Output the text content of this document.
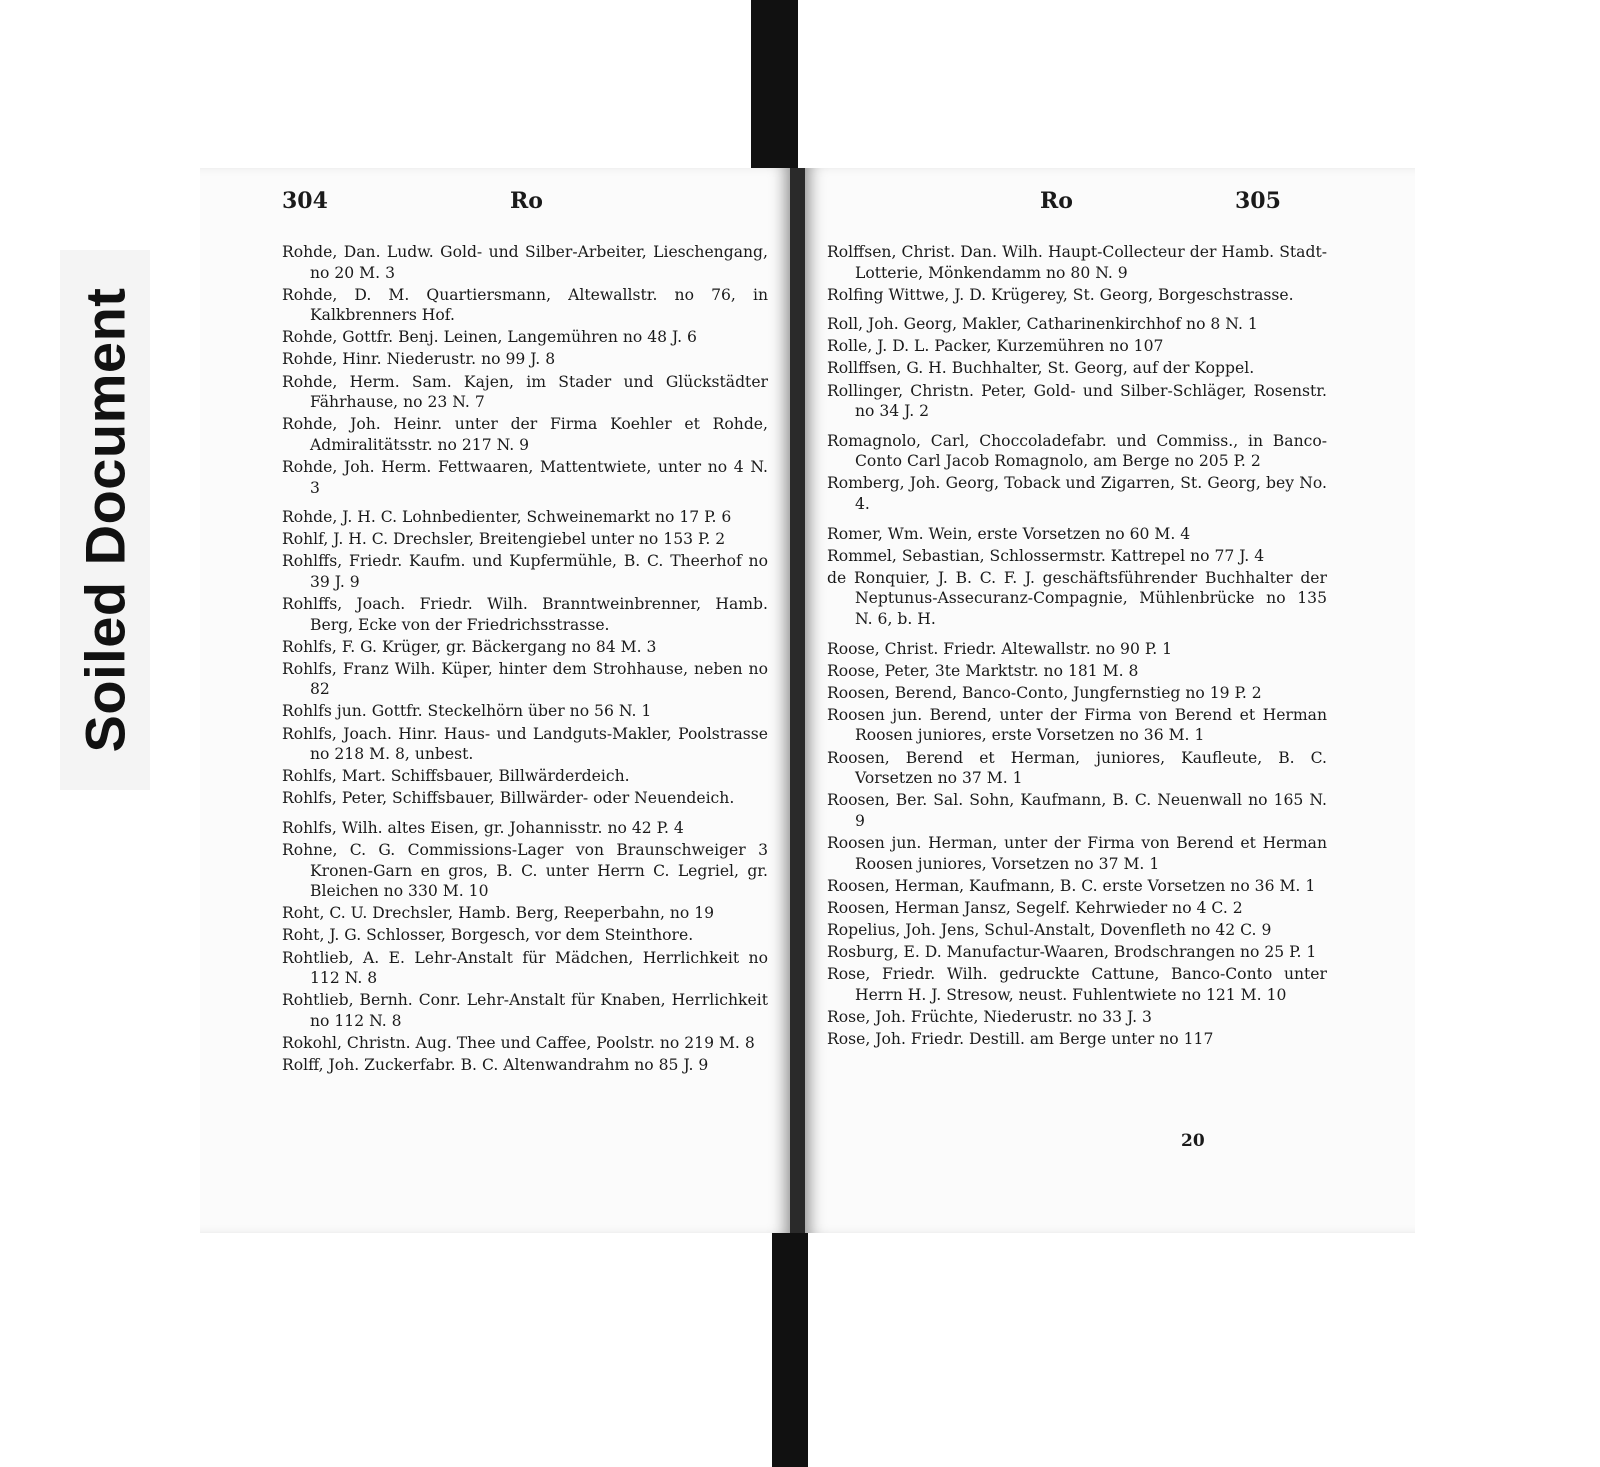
Soiled Document
304	Ro
Rohde, Dan. Ludw. Gold- und Silber-Arbeiter, Lieschengang, no 20 M. 3
Rohde, D. M. Quartiersmann, Altewallstr. no 76, in Kalkbrenners Hof.
Rohde, Gottfr. Benj. Leinen, Langemühren no 48 J. 6
Rohde, Hinr. Niederustr. no 99 J. 8
Rohde, Herm. Sam. Kajen, im Stader und Glückstädter Fährhause, no 23 N. 7
Rohde, Joh. Heinr. unter der Firma Koehler et Rohde, Admiralitätsstr. no 217 N. 9
Rohde, Joh. Herm. Fettwaaren, Mattentwiete, unter no 4 N. 3
Rohde, J. H. C. Lohnbedienter, Schweinemarkt no 17 P. 6
Rohlf, J. H. C. Drechsler, Breitengiebel unter no 153 P. 2
Rohlffs, Friedr. Kaufm. und Kupfermühle, B. C. Theerhof no 39 J. 9
Rohlffs, Joach. Friedr. Wilh. Branntweinbrenner, Hamb. Berg, Ecke von der Friedrichsstrasse.
Rohlfs, F. G. Krüger, gr. Bäckergang no 84 M. 3
Rohlfs, Franz Wilh. Küper, hinter dem Strohhause, neben no 82
Rohlfs jun. Gottfr. Steckelhörn über no 56 N. 1
Rohlfs, Joach. Hinr. Haus- und Landguts-Makler, Poolstrasse no 218 M. 8, unbest.
Rohlfs, Mart. Schiffsbauer, Billwärderdeich.
Rohlfs, Peter, Schiffsbauer, Billwärder- oder Neuendeich.
Rohlfs, Wilh. altes Eisen, gr. Johannisstr. no 42 P. 4
Rohne, C. G. Commissions-Lager von Braunschweiger 3 Kronen-Garn en gros, B. C. unter Herrn C. Legriel, gr. Bleichen no 330 M. 10
Roht, C. U. Drechsler, Hamb. Berg, Reeperbahn, no 19
Roht, J. G. Schlosser, Borgesch, vor dem Steinthore.
Rohtlieb, A. E. Lehr-Anstalt für Mädchen, Herrlichkeit no 112 N. 8
Rohtlieb, Bernh. Conr. Lehr-Anstalt für Knaben, Herrlichkeit no 112 N. 8
Rokohl, Christn. Aug. Thee und Caffee, Poolstr. no 219 M. 8
Rolff, Joh. Zuckerfabr. B. C. Altenwandrahm no 85 J. 9
Ro	305
Rolffsen, Christ. Dan. Wilh. Haupt-Collecteur der Hamb. Stadt-Lotterie, Mönkendamm no 80 N. 9
Rolfing Wittwe, J. D. Krügerey, St. Georg, Borgeschstrasse.
Roll, Joh. Georg, Makler, Catharinenkirchhof no 8 N. 1
Rolle, J. D. L. Packer, Kurzemühren no 107
Rollffsen, G. H. Buchhalter, St. Georg, auf der Koppel.
Rollinger, Christn. Peter, Gold- und Silber-Schläger, Rosenstr. no 34 J. 2
Romagnolo, Carl, Choccoladefabr. und Commiss., in Banco-Conto Carl Jacob Romagnolo, am Berge no 205 P. 2
Romberg, Joh. Georg, Toback und Zigarren, St. Georg, bey No. 4.
Romer, Wm. Wein, erste Vorsetzen no 60 M. 4
Rommel, Sebastian, Schlossermstr. Kattrepel no 77 J. 4
de Ronquier, J. B. C. F. J. geschäftsführender Buchhalter der Neptunus-Assecuranz-Compagnie, Mühlenbrücke no 135 N. 6, b. H.
Roose, Christ. Friedr. Altewallstr. no 90 P. 1
Roose, Peter, 3te Marktstr. no 181 M. 8
Roosen, Berend, Banco-Conto, Jungfernstieg no 19 P. 2
Roosen jun. Berend, unter der Firma von Berend et Herman Roosen juniores, erste Vorsetzen no 36 M. 1
Roosen, Berend et Herman, juniores, Kaufleute, B. C. Vorsetzen no 37 M. 1
Roosen, Ber. Sal. Sohn, Kaufmann, B. C. Neuenwall no 165 N. 9
Roosen jun. Herman, unter der Firma von Berend et Herman Roosen juniores, Vorsetzen no 37 M. 1
Roosen, Herman, Kaufmann, B. C. erste Vorsetzen no 36 M. 1
Roosen, Herman Jansz, Segelf. Kehrwieder no 4 C. 2
Ropelius, Joh. Jens, Schul-Anstalt, Dovenfleth no 42 C. 9
Rosburg, E. D. Manufactur-Waaren, Brodschrangen no 25 P. 1
Rose, Friedr. Wilh. gedruckte Cattune, Banco-Conto unter Herrn H. J. Stresow, neust. Fuhlentwiete no 121 M. 10
Rose, Joh. Früchte, Niederustr. no 33 J. 3
Rose, Joh. Friedr. Destill. am Berge unter no 117
20
